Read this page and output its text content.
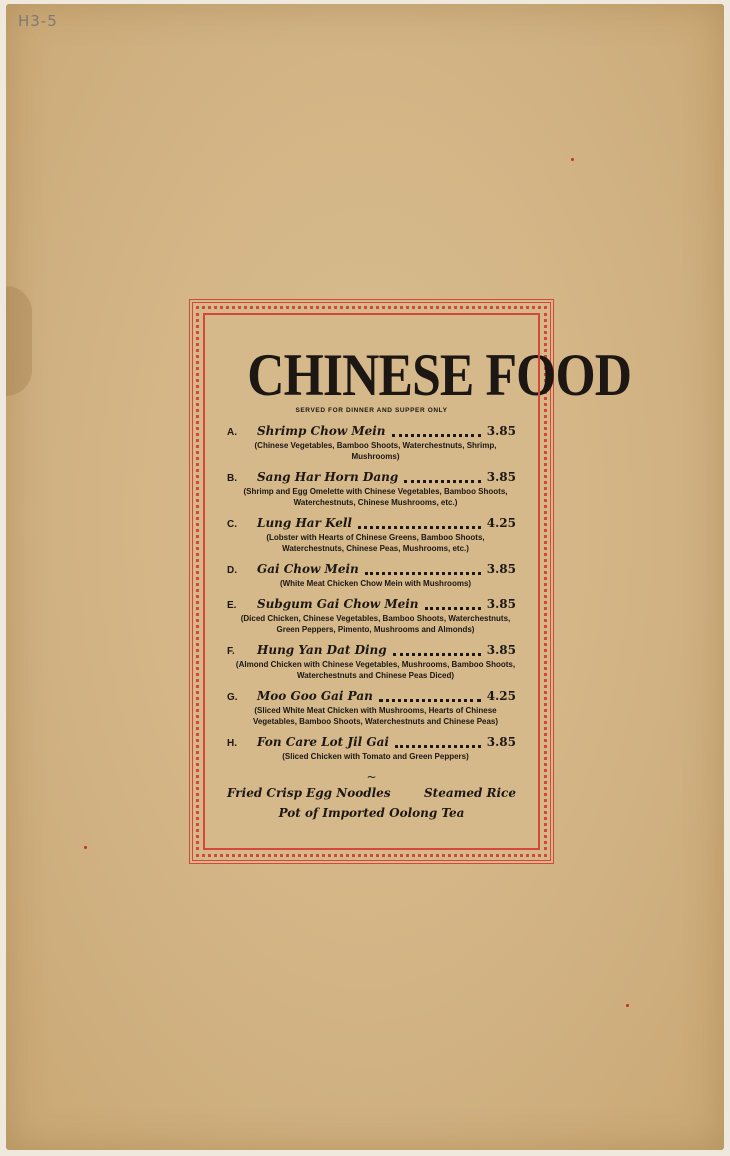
H3-5
CHINESE FOOD
SERVED FOR DINNER AND SUPPER ONLY
A.	Shrimp Chow Mein	3.85
(Chinese Vegetables, Bamboo Shoots, Waterchestnuts, Shrimp, Mushrooms)
B.	Sang Har Horn Dang	3.85
(Shrimp and Egg Omelette with Chinese Vegetables, Bamboo Shoots, Waterchestnuts, Chinese Mushrooms, etc.)
C.	Lung Har Kell	4.25
(Lobster with Hearts of Chinese Greens, Bamboo Shoots, Waterchestnuts, Chinese Peas, Mushrooms, etc.)
D.	Gai Chow Mein	3.85
(White Meat Chicken Chow Mein with Mushrooms)
E.	Subgum Gai Chow Mein	3.85
(Diced Chicken, Chinese Vegetables, Bamboo Shoots, Waterchestnuts, Green Peppers, Pimento, Mushrooms and Almonds)
F.	Hung Yan Dat Ding	3.85
(Almond Chicken with Chinese Vegetables, Mushrooms, Bamboo Shoots, Waterchestnuts and Chinese Peas Diced)
G.	Moo Goo Gai Pan	4.25
(Sliced White Meat Chicken with Mushrooms, Hearts of Chinese Vegetables, Bamboo Shoots, Waterchestnuts and Chinese Peas)
H.	Fon Care Lot Jil Gai	3.85
(Sliced Chicken with Tomato and Green Peppers)
~
Fried Crisp Egg Noodles	Steamed Rice
Pot of Imported Oolong Tea
